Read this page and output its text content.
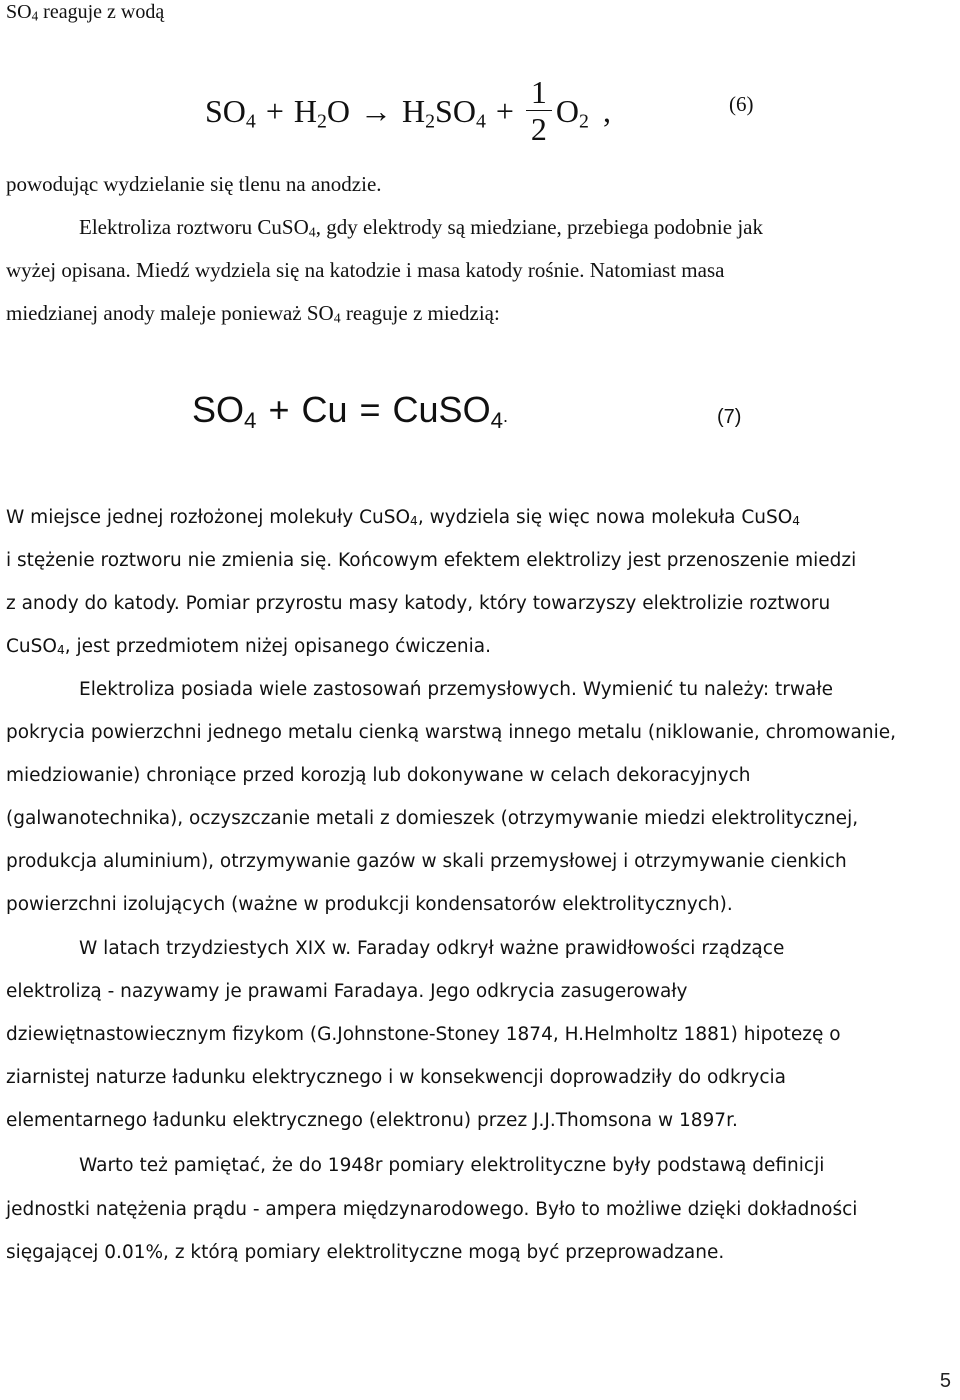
$SO_4$ reaguje z wodą
$SO_4 + H_2O \to H_2SO_4 + \frac{1}{2} O_2$ ,	(6)
powodując wydzielanie się tlenu na anodzie.
Elektroliza roztworu CuSO$_4$, gdy elektrody są miedziane, przebiega podobnie jak
wyżej opisana. Miedź wydziela się na katodzie i masa katody rośnie. Natomiast masa
miedzianej anody maleje ponieważ $SO_4$ reaguje z miedzią:
$SO_4 + Cu$ = CuSO$_4$.	(7)
W miejsce jednej rozłożonej molekuły CuSO$_4$, wydziela się więc nowa molekuła CuSO$_4$
i stężenie roztworu nie zmienia się. Końcowym efektem elektrolizy jest przenoszenie miedzi
z anody do katody. Pomiar przyrostu masy katody, który towarzyszy elektrolizie roztworu
CuSO$_4$, jest przedmiotem niżej opisanego ćwiczenia.
Elektroliza posiada wiele zastosowań przemysłowych. Wymienić tu należy: trwałe
pokrycia powierzchni jednego metalu cienką warstwą innego metalu (niklowanie, chromowanie,
miedziowanie) chroniące przed korozją lub dokonywane w celach dekoracyjnych
(galwanotechnika), oczyszczanie metali z domieszek (otrzymywanie miedzi elektrolitycznej,
produkcja aluminium), otrzymywanie gazów w skali przemysłowej i otrzymywanie cienkich
powierzchni izolujących (ważne w produkcji kondensatorów elektrolitycznych).
W latach trzydziestych XIX w. Faraday odkrył ważne prawidłowości rządzące
elektrolizą - nazywamy je prawami Faradaya. Jego odkrycia zasugerowały
dziewiętnastowiecznym fizykom (G.Johnstone-Stoney 1874, H.Helmholtz 1881) hipotezę o
ziarnistej naturze ładunku elektrycznego i w konsekwencji doprowadziły do odkrycia
elementarnego ładunku elektrycznego (elektronu) przez J.J.Thomsona w 1897r.
Warto też pamiętać, że do 1948r pomiary elektrolityczne były podstawą definicji
jednostki natężenia prądu - ampera międzynarodowego. Było to możliwe dzięki dokładności
sięgającej 0.01%, z którą pomiary elektrolityczne mogą być przeprowadzane.
5
